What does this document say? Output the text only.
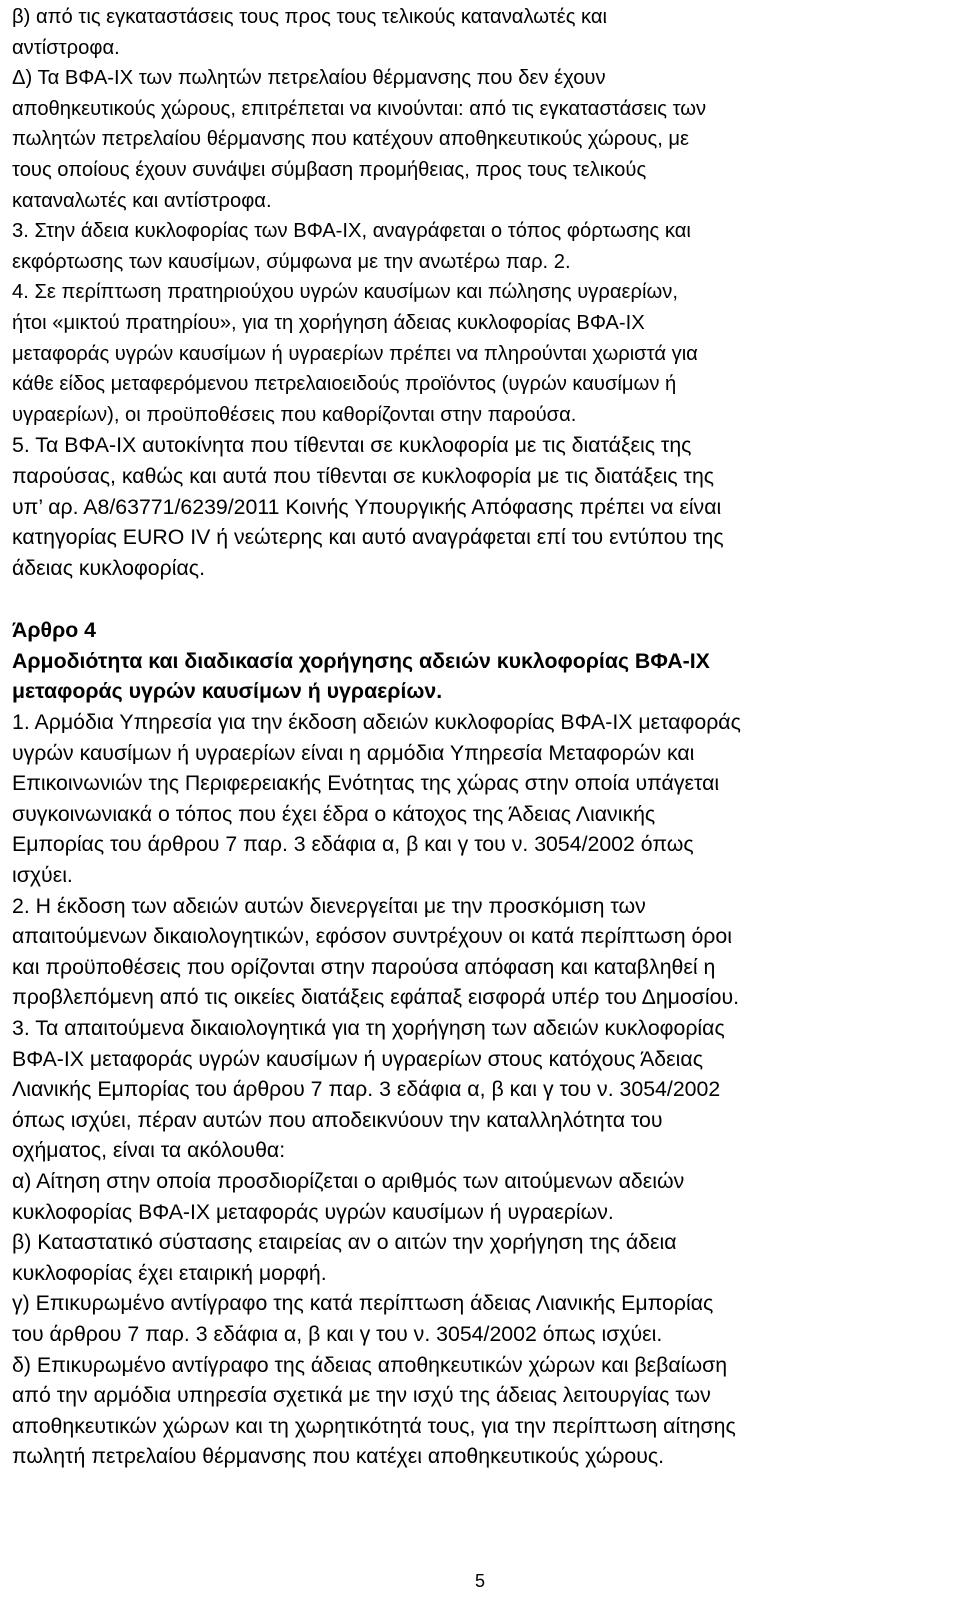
β) από τις εγκαταστάσεις τους προς τους τελικούς καταναλωτές και
αντίστροφα.

Δ) Τα ΒΦΑ-ΙΧ των πωλητών πετρελαίου θέρμανσης που δεν έχουν
αποθηκευτικούς χώρους, επιτρέπεται να κινούνται: από τις εγκαταστάσεις των
πωλητών πετρελαίου θέρμανσης που κατέχουν αποθηκευτικούς χώρους, με
τους οποίους έχουν συνάψει σύμβαση προμήθειας, προς τους τελικούς
καταναλωτές και αντίστροφα.

3. Στην άδεια κυκλοφορίας των ΒΦΑ-ΙΧ, αναγράφεται ο τόπος φόρτωσης και
εκφόρτωσης των καυσίμων, σύμφωνα με την ανωτέρω παρ. 2.

4. Σε περίπτωση πρατηριούχου υγρών καυσίμων και πώλησης υγραερίων,
ήτοι «μικτού πρατηρίου», για τη χορήγηση άδειας κυκλοφορίας ΒΦΑ-ΙΧ
μεταφοράς υγρών καυσίμων ή υγραερίων πρέπει να πληρούνται χωριστά για
κάθε είδος μεταφερόμενου πετρελαιοειδούς προϊόντος (υγρών καυσίμων ή
υγραερίων), οι προϋποθέσεις που καθορίζονται στην παρούσα.

5. Τα ΒΦΑ-ΙΧ αυτοκίνητα που τίθενται σε κυκλοφορία με τις διατάξεις της
παρούσας, καθώς και αυτά που τίθενται σε κυκλοφορία με τις διατάξεις της
υπ’ αρ. Α8/63771/6239/2011 Κοινής Υπουργικής Απόφασης πρέπει να είναι
κατηγορίας EURO IV ή νεώτερης και αυτό αναγράφεται επί του εντύπου της
άδειας κυκλοφορίας.

Άρθρο 4

Αρμοδιότητα και διαδικασία χορήγησης αδειών κυκλοφορίας ΒΦΑ-ΙΧ
μεταφοράς υγρών καυσίμων ή υγραερίων.

1. Αρμόδια Υπηρεσία για την έκδοση αδειών κυκλοφορίας ΒΦΑ-ΙΧ μεταφοράς
υγρών καυσίμων ή υγραερίων είναι η αρμόδια Υπηρεσία Μεταφορών και
Επικοινωνιών της Περιφερειακής Ενότητας της χώρας στην οποία υπάγεται
συγκοινωνιακά ο τόπος που έχει έδρα ο κάτοχος της Άδειας Λιανικής
Εμπορίας του άρθρου 7 παρ. 3 εδάφια α, β και γ του ν. 3054/2002 όπως
ισχύει.

2. Η έκδοση των αδειών αυτών διενεργείται με την προσκόμιση των
απαιτούμενων δικαιολογητικών, εφόσον συντρέχουν οι κατά περίπτωση όροι
και προϋποθέσεις που ορίζονται στην παρούσα απόφαση και καταβληθεί η
προβλεπόμενη από τις οικείες διατάξεις εφάπαξ εισφορά υπέρ του Δημοσίου.

3. Τα απαιτούμενα δικαιολογητικά για τη χορήγηση των αδειών κυκλοφορίας
ΒΦΑ-ΙΧ μεταφοράς υγρών καυσίμων ή υγραερίων στους κατόχους Άδειας
Λιανικής Εμπορίας του άρθρου 7 παρ. 3 εδάφια α, β και γ του ν. 3054/2002
όπως ισχύει, πέραν αυτών που αποδεικνύουν την καταλληλότητα του
οχήματος, είναι τα ακόλουθα:

α) Αίτηση στην οποία προσδιορίζεται ο αριθμός των αιτούμενων αδειών
κυκλοφορίας ΒΦΑ-ΙΧ μεταφοράς υγρών καυσίμων ή υγραερίων.

β) Καταστατικό σύστασης εταιρείας αν ο αιτών την χορήγηση της άδεια
κυκλοφορίας έχει εταιρική μορφή.

γ) Επικυρωμένο αντίγραφο της κατά περίπτωση άδειας Λιανικής Εμπορίας
του άρθρου 7 παρ. 3 εδάφια α, β και γ του ν. 3054/2002 όπως ισχύει.

δ) Επικυρωμένο αντίγραφο της άδειας αποθηκευτικών χώρων και βεβαίωση
από την αρμόδια υπηρεσία σχετικά με την ισχύ της άδειας λειτουργίας των
αποθηκευτικών χώρων και τη χωρητικότητά τους, για την περίπτωση αίτησης
πωλητή πετρελαίου θέρμανσης που κατέχει αποθηκευτικούς χώρους.

5
